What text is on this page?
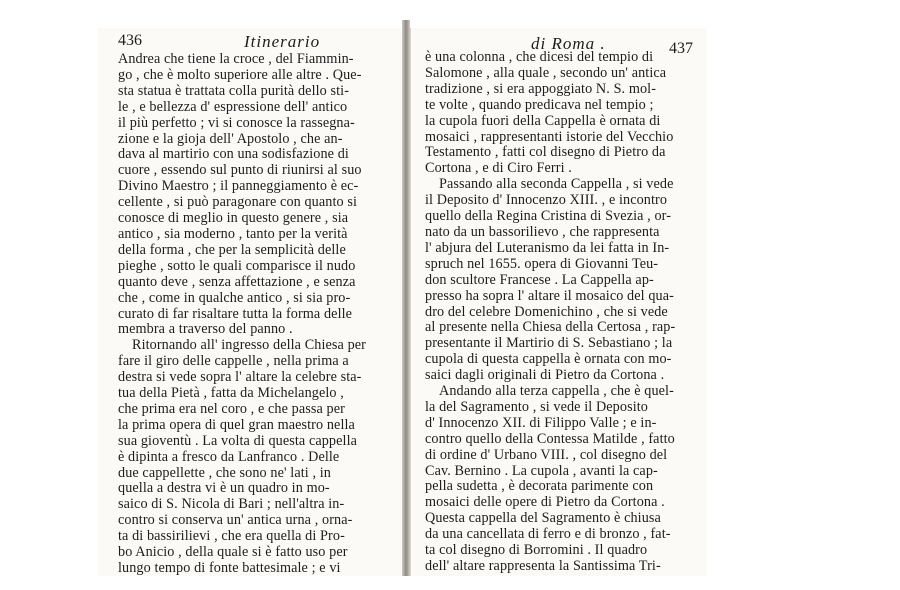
436	Itinerario
Andrea che tiene la croce , del Fiammin-
go , che è molto superiore alle altre . Que-
sta statua è trattata colla purità dello sti-
le , e bellezza d' espressione dell' antico
il più perfetto ; vi si conosce la rassegna-
zione e la gioja dell' Apostolo , che an-
dava al martirio con una sodisfazione di
cuore , essendo sul punto di riunirsi al suo
Divino Maestro ; il panneggiamento è ec-
cellente , si può paragonare con quanto si
conosce di meglio in questo genere , sia
antico , sia moderno , tanto per la verità
della forma , che per la semplicità delle
pieghe , sotto le quali comparisce il nudo
quanto deve , senza affettazione , e senza
che , come in qualche antico , si sia pro-
curato di far risaltare tutta la forma delle
membra a traverso del panno .
Ritornando all' ingresso della Chiesa per
fare il giro delle cappelle , nella prima a
destra si vede sopra l' altare la celebre sta-
tua della Pietà , fatta da Michelangelo ,
che prima era nel coro , e che passa per
la prima opera di quel gran maestro nella
sua gioventù . La volta di questa cappella
è dipinta a fresco da Lanfranco . Delle
due cappellette , che sono ne' lati , in
quella a destra vi è un quadro in mo-
saico di S. Nicola di Bari ; nell'altra in-
contro si conserva un' antica urna , orna-
ta di bassirilievi , che era quella di Pro-
bo Anicio , della quale si è fatto uso per
lungo tempo di fonte battesimale ; e vi
di Roma .	437
è una colonna , che dicesi del tempio di
Salomone , alla quale , secondo un' antica
tradizione , si era appoggiato N. S. mol-
te volte , quando predicava nel tempio ;
la cupola fuori della Cappella è ornata di
mosaici , rappresentanti istorie del Vecchio
Testamento , fatti col disegno di Pietro da
Cortona , e di Ciro Ferri .
Passando alla seconda Cappella , si vede
il Deposito d' Innocenzo XIII. , e incontro
quello della Regina Cristina di Svezia , or-
nato da un bassorilievo , che rappresenta
l' abjura del Luteranismo da lei fatta in In-
spruch nel 1655. opera di Giovanni Teu-
don scultore Francese . La Cappella ap-
presso ha sopra l' altare il mosaico del qua-
dro del celebre Domenichino , che si vede
al presente nella Chiesa della Certosa , rap-
presentante il Martirio di S. Sebastiano ; la
cupola di questa cappella è ornata con mo-
saici dagli originali di Pietro da Cortona .
Andando alla terza cappella , che è quel-
la del Sagramento , si vede il Deposito
d' Innocenzo XII. di Filippo Valle ; e in-
contro quello della Contessa Matilde , fatto
di ordine d' Urbano VIII. , col disegno del
Cav. Bernino . La cupola , avanti la cap-
pella sudetta , è decorata parimente con
mosaici delle opere di Pietro da Cortona .
Questa cappella del Sagramento è chiusa
da una cancellata di ferro e di bronzo , fat-
ta col disegno di Borromini . Il quadro
dell' altare rappresenta la Santissima Tri-
